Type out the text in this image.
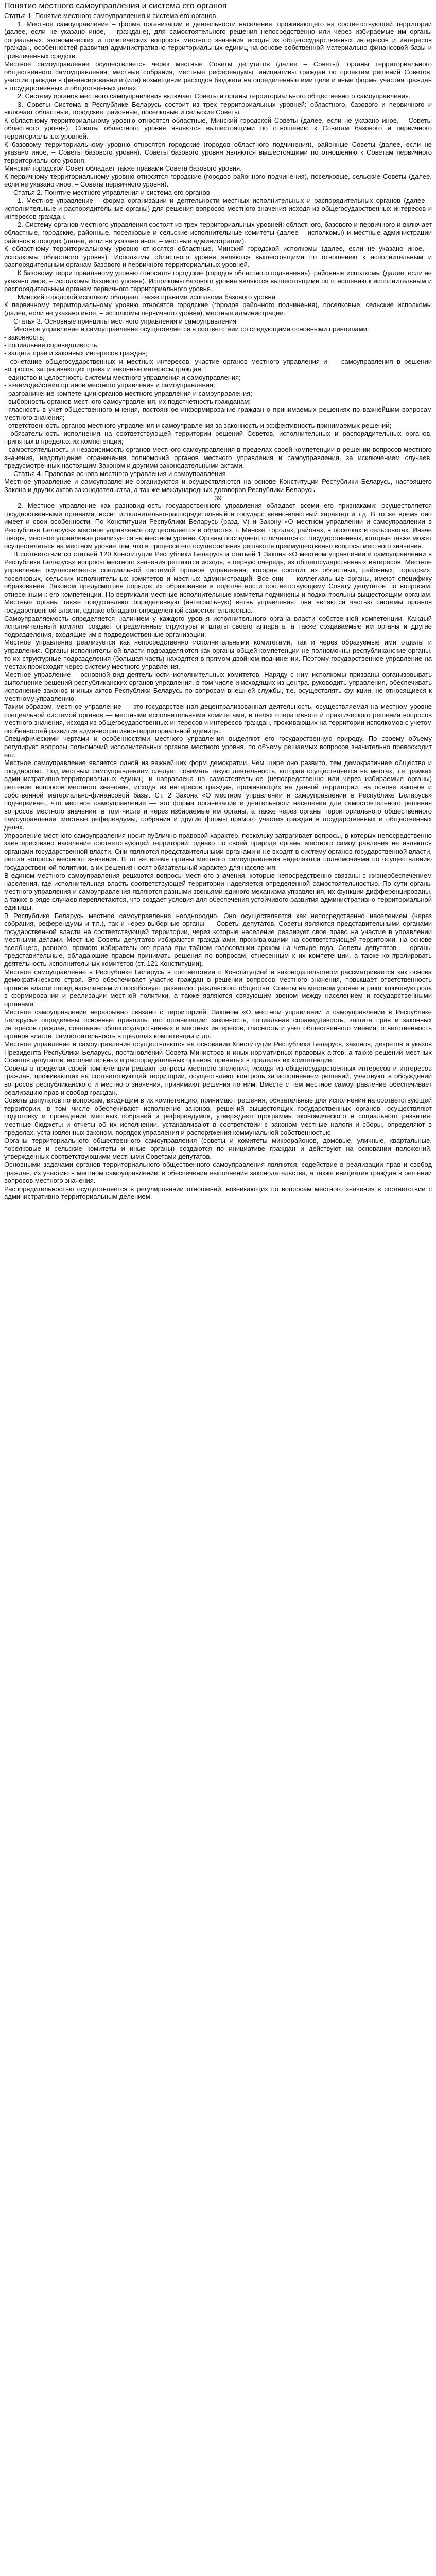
Понятие местного самоуправления и система его органов

Статья 1. Понятие местного самоуправления и система его органов

1. Местное самоуправление – форма организации и деятельности населения, проживающего на соответствующей территории (далее, если не указано иное, – граждане), для самостоятельного решения непосредственно или через избираемые им органы социальных, экономических и политических вопросов местного значения исходя из общегосударственных интересов и интересов граждан, особенностей развития административно-территориальных единиц на основе собственной материально-финансовой базы и привлеченных средств.

Местное самоуправление осуществляется через местные Советы депутатов (далее – Советы), органы территориального общественного самоуправления, местные собрания, местные референдумы, инициативы граждан по проектам решений Советов, участие граждан в финансировании и (или) возмещении расходов бюджета на определенные ими цели и иные формы участия граждан в государственных и общественных делах.

2. Систему органов местного самоуправления включает Советы и органы территориального общественного самоуправления.

3. Советы Система в Республике Беларусь состоит из трех территориальных уровней: областного, базового и первичного и включает областные, городские, районные, поселковые и сельские Советы.

К областному территориальному уровню относятся областные, Минский городской Советы (далее, если не указано иное, – Советы областного уровня). Советы областного уровня являются вышестоящими по отношению к Советам базового и первичного территориальных уровней.

К базовому территориальному уровню относятся городские (городов областного подчинения), районные Советы (далее, если не указано иное, – Советы базового уровня). Советы базового уровня являются вышестоящими по отношению к Советам первичного территориального уровня.

Минский городской Совет обладает также правами Совета базового уровня.

К первичному территориальному уровню относятся городские (городов районного подчинения), поселковые, сельские Советы (далее, если не указано иное, – Советы первичного уровня).

Статья 2. Понятие местного управления и система его органов

1. Местное управление – форма организации и деятельности местных исполнительных и распорядительных органов (далее – исполнительные и распорядительные органы) для решения вопросов местного значения исходя из общегосударственных интересов и интересов граждан.

2. Систему органов местного управления состоят из трех территориальных уровней: областного, базового и первичного и включает областные, городские, районные, поселковые и сельские исполнительные комитеты (далее – исполкомы) и местные администрации районов в городах (далее, если не указано иное, – местные администрации).

К областному территориальному уровню относятся областные, Минский городской исполкомы (далее, если не указано иное, – исполкомы областного уровня). Исполкомы областного уровня являются вышестоящими по отношению к исполнительным и распорядительным органам базового и первичного территориальных уровней.

К базовому территориальному уровню относятся городские (городов областного подчинения), районные исполкомы (далее, если не указано иное, – исполкомы базового уровня). Исполкомы базового уровня являются вышестоящими по отношению к исполнительным и распорядительным органам первичного территориального уровня.

Минский городской исполком обладает также правами исполкома базового уровня.

К первичному территориальному уровню относятся городские (городов районного подчинения), поселковые, сельские исполкомы (далее, если не указано иное, – исполкомы первичного уровня), местные администрации.

Статья 3. Основные принципы местного управления и самоуправления

Местное управление и самоуправление осуществляется в соответствии со следующими основными принципами:

- законность;

- социальная справедливость;

- защита прав и законных интересов граждан;

- сочетание общегосударственных и местных интересов, участие органов местного управления и — самоуправления в решении вопросов, затрагивающих права и законные интересы граждан;

- единство и целостность системы местного управления и самоуправления;

- взаимодействие органов местного управления и самоуправления;

- разграничение компетенции органов местного управления и самоуправления;

- выборность органов местного самоуправления, их подотчетность гражданам;

- гласность в учет общественного мнения, постоянное информирование граждан о принимаемых решениях по важнейшим вопросам местного значения;

- ответственность органов местного управления и самоуправления за законность и эффективность принимаемых решений;

- обязательность исполнения на соответствующей территории решений Советов, исполнительных и распорядительных органов, принятых в пределах их компетенции;

- самостоятельность и независимость органов местного самоуправления в пределах своей компетенции в решении вопросов местного значения, недопущение ограничения полномочий органов местного управления и самоуправления, за исключением случаев, предусмотренных настоящим Законом и другими законодательными актами.

Статья 4. Правовая основа местного управления и самоуправления

Местное управление и самоуправление организуются и осуществляются на основе Конституции Республики Беларусь, настоящего Закона и других актов законодательства, а так-же международных договоров Республики Беларусь.

39

2. Местное управление как разновидность государственного управления обладает всеми его признаками: осуществляется государственными органами, носит исполнительно-распорядительный и государственно-властный характер и т.д. В то же время оно имеет и свои особенности. По Конституции Республики Беларусь (разд. V) и Закону «О местном управлении и самоуправлении в Республике Беларусь» местное управление осуществляется в областях, г. Минске, городах, районах, в поселках и сельсоветах. Иначе говоря, местное управление реализуется на местном уровне. Органы последнего отличаются от государственных, которые также может осуществляться на местном уровне тем, что в процессе его осуществления решаются преимущественно вопросы местного значения.

В соответствии со статьей 120 Конституции Республики Беларусь и статьей 1 Закона «О местном управлении и самоуправлении в Республике Беларусь» вопросы местного значения решаются исходя, в первую очередь, из общегосударственных интересов. Местное управление осуществляется специальной системой органов управления, которая состоит из областных, районных, городских, поселковых, сельских исполнительных комитетов и местных администраций. Все они — коллегиальные органы, имеют специфику образования. Законом предусмотрен порядок их образования в подотчетности соответствующему Совету депутатов по вопросам, отнесенным к его компетенции. По вертикали местные исполнительные комитеты подчинены и подконтрольны вышестоящим органам. Местные органы также представляют определенную (интегральную) ветвь управления: они являются частью системы органов государственной власти, однако обладают определенной самостоятельностью.

Самоуправляемость определяется наличием у каждого уровня исполнительного органа власти собственной компетенции. Каждый исполнительный комитет создает определенные структуры и штаты своего аппарата, а также создаваемые им органы и другие подразделения, входящие им в подведомственные организации.

Местное управление реализуется как непосредственно исполнительными комитетами, так и через образуемые ими отделы и управления. Органы исполнительной власти подразделяются как органы общей компетенции не полномочны республиканские органы, то их структурные подразделения (большая часть) находятся в прямом двойном подчинении. Поэтому государственное управление на местах происходит через систему местного управления.

Местное управление – основной вид деятельности исполнительных комитетов. Наряду с ним исполкомы призваны организовывать выполнение решений республиканских органов управления, в том числе и исходящих из центра, руководить управления, обеспечивать исполнение законов и иных актов Республики Беларусь по вопросам внешней службы, т.е. осуществлять функции, не относящиеся к местному управлению.

Таким образом, местное управление — это государственная децентрализованная деятельность, осуществляемая на местном уровне специальной системой органов — местными исполнительными комитетами, в целях оперативного и практического решения вопросов местного значения, исходя из общегосударственных интересов и интересов граждан, проживающих на территории исполкомов с учетом особенностей развития административно-территориальной единицы.

Специфическими чертами и особенностями местного управления выделяют его государственную природу. По своему объему регулирует вопросы полномочий исполнительных органов местного уровня, по объему решаемых вопросов значительно превосходит его.

Местное самоуправление является одной из важнейших форм демократии. Чем шире оно развито, тем демократичнее общество и государство. Под местным самоуправлением следует понимать такую деятельность, которая осуществляется на местах, т.е. рамках административно-территориальных единиц, и направлена на самостоятельное (непосредственно или через избираемые органы) решение вопросов местного значения, исходя из интересов граждан, проживающих на данной территории, на основе законов и собственной материально-финансовой базы. Ст. 2 Закона «О местном управлении и самоуправлении в Республике Беларусь» подчеркивает, что местное самоуправление — это форма организации и деятельности населения для самостоятельного решения вопросов местного значения, в том числе и через избираемые им органы, а также через органы территориального общественного самоуправления, местные референдумы, собрания и другие формы прямого участия граждан в государственных и общественных делах.

Управление местного самоуправления носит публично-правовой характер, поскольку затрагивает вопросы, в которых непосредственно заинтересовано население соответствующей территории, однако по своей природе органы местного самоуправления не являются органами государственной власти. Они являются представительными органами и не входят в систему органов государственной власти, решая вопросы местного значения. В то же время органы местного самоуправления наделяются полномочиями по осуществлению государственной политики, а их решения носят обязательный характер для населения.

В едином местного самоуправления решаются вопросы местного значения, которые непосредственно связаны с жизнеобеспечением населения, где исполнительная власть соответствующей территории наделяется определенной самостоятельностью. По сути органы местного управления и самоуправления являются разными звеньями единого механизма управления, их функции дифференцированы, а также в ряде случаев переплетаются, что создает условия для обеспечения устойчивого развития административно-территориальной единицы.

В Республике Беларусь местное самоуправление неоднородно. Оно осуществляется как непосредственно населением (через собрания, референдумы и т.п.), так и через выборные органы — Советы депутатов. Советы являются представительными органами государственной власти на соответствующей территории, через которые население реализует свое право на участие в управлении местными делами. Местные Советы депутатов избираются гражданами, проживающими на соответствующей территории, на основе всеобщего, равного, прямого избирательного права при тайном голосовании сроком на четыре года. Советы депутатов — органы представительные, обладающие правом принимать решения по вопросам, отнесенным к их компетенции, а также контролировать деятельность исполнительных комитетов (ст. 121 Конституции).

Местное самоуправление в Республике Беларусь в соответствии с Конституцией и законодательством рассматривается как основа демократического строя. Это обеспечивает участие граждан в решении вопросов местного значения, повышает ответственность органов власти перед населением и способствует развитию гражданского общества. Советы на местном уровне играют ключевую роль в формировании и реализации местной политики, а также являются связующим звеном между населением и государственными органами.

Местное самоуправление неразрывно связано с территорией. Законом «О местном управлении и самоуправлении в Республике Беларусь» определены основные принципы его организации: законность, социальная справедливость, защита прав и законных интересов граждан, сочетание общегосударственных и местных интересов, гласность и учет общественного мнения, ответственность органов власти, самостоятельность в пределах компетенции и др.

Местное управление и самоуправление осуществляются на основании Конституции Республики Беларусь, законов, декретов и указов Президента Республики Беларусь, постановлений Совета Министров и иных нормативных правовых актов, а также решений местных Советов депутатов, исполнительных и распорядительных органов, принятых в пределах их компетенции.

Советы в пределах своей компетенции решают вопросы местного значения, исходя из общегосударственных интересов и интересов граждан, проживающих на соответствующей территории, осуществляют контроль за исполнением решений, участвуют в обсуждении вопросов республиканского и местного значения, принимают решения по ним. Вместе с тем местное самоуправление обеспечивает реализацию прав и свобод граждан.

Советы депутатов по вопросам, входящим в их компетенцию, принимают решения, обязательные для исполнения на соответствующей территории, в том числе обеспечивают исполнение законов, решений вышестоящих государственных органов, осуществляют подготовку и проведение местных собраний и референдумов, утверждают программы экономического и социального развития, местные бюджеты и отчеты об их исполнении, устанавливают в соответствии с законом местные налоги и сборы, определяют в пределах, установленных законом, порядок управления и распоряжения коммунальной собственностью.

Органы территориального общественного самоуправления (советы и комитеты микрорайонов, домовые, уличные, квартальные, поселковые и сельские комитеты и иные органы) создаются по инициативе граждан и действуют на основании положений, утвержденных соответствующими местными Советами депутатов.

Основными задачами органов территориального общественного самоуправления являются: содействие в реализации прав и свобод граждан, их участию в местном самоуправлении, в обеспечении выполнения законодательства, а также инициатив граждан в решении вопросов местного значения.

Распорядительностью осуществляется в регулировании отношений, возникающих по вопросам местного значения в соответствии с административно-территориальным делением.
